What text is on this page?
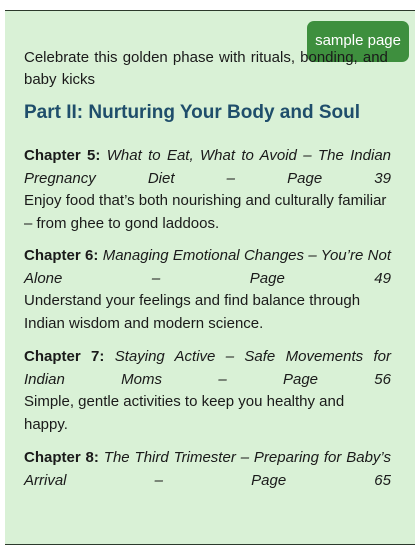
sample page

Celebrate this golden phase with rituals, bonding, and baby kicks

Part II: Nurturing Your Body and Soul
Chapter 5: What to Eat, What to Avoid – The Indian Pregnancy Diet – Page 39

Enjoy food that’s both nourishing and culturally familiar – from ghee to gond laddoos.

Chapter 6: Managing Emotional Changes – You’re Not Alone – Page 49

Understand your feelings and find balance through Indian wisdom and modern science.

Chapter 7: Staying Active – Safe Movements for Indian Moms – Page 56

Simple, gentle activities to keep you healthy and happy.

Chapter 8: The Third Trimester – Preparing for Baby’s Arrival – Page 65
